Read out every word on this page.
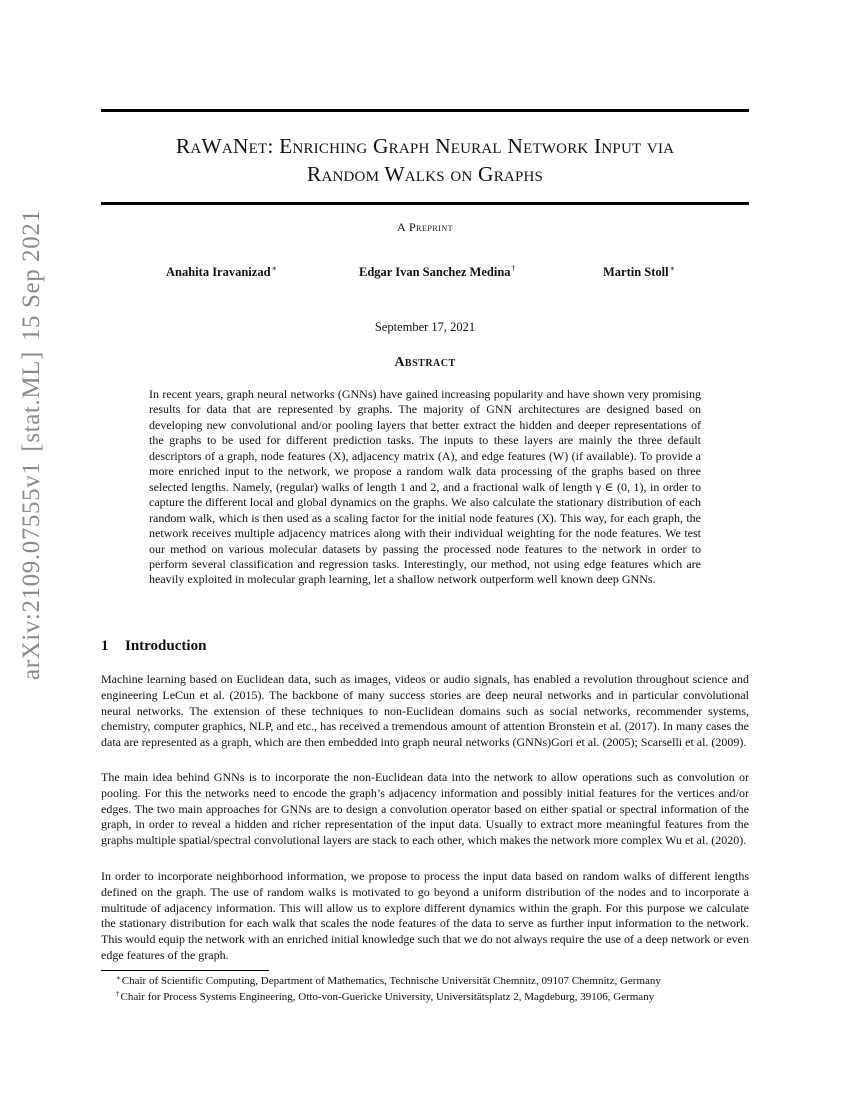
arXiv:2109.07555v1[stat.ML]15 Sep 2021
RaWaNet: Enriching Graph Neural Network Input via
Random Walks on Graphs
A Preprint
Anahita Iravanizad∗	Edgar Ivan Sanchez Medina†	Martin Stoll∗
September 17, 2021
Abstract

In recent years, graph neural networks (GNNs) have gained increasing popularity and have shown very promising results for data that are represented by graphs. The majority of GNN architectures are designed based on developing new convolutional and/or pooling layers that better extract the hidden and deeper representations of the graphs to be used for different prediction tasks. The inputs to these layers are mainly the three default descriptors of a graph, node features (X), adjacency matrix (A), and edge features (W) (if available). To provide a more enriched input to the network, we propose a random walk data processing of the graphs based on three selected lengths. Namely, (regular) walks of length 1 and 2, and a fractional walk of length γ ∈ (0, 1), in order to capture the different local and global dynamics on the graphs. We also calculate the stationary distribution of each random walk, which is then used as a scaling factor for the initial node features (X). This way, for each graph, the network receives multiple adjacency matrices along with their individual weighting for the node features. We test our method on various molecular datasets by passing the processed node features to the network in order to perform several classification and regression tasks. Interestingly, our method, not using edge features which are heavily exploited in molecular graph learning, let a shallow network outperform well known deep GNNs.

1 Introduction

Machine learning based on Euclidean data, such as images, videos or audio signals, has enabled a revolution throughout science and engineering LeCun et al. (2015). The backbone of many success stories are deep neural networks and in particular convolutional neural networks. The extension of these techniques to non-Euclidean domains such as social networks, recommender systems, chemistry, computer graphics, NLP, and etc., has received a tremendous amount of attention Bronstein et al. (2017). In many cases the data are represented as a graph, which are then embedded into graph neural networks (GNNs)Gori et al. (2005); Scarselli et al. (2009).

The main idea behind GNNs is to incorporate the non-Euclidean data into the network to allow operations such as convolution or pooling. For this the networks need to encode the graph’s adjacency information and possibly initial features for the vertices and/or edges. The two main approaches for GNNs are to design a convolution operator based on either spatial or spectral information of the graph, in order to reveal a hidden and richer representation of the input data. Usually to extract more meaningful features from the graphs multiple spatial/spectral convolutional layers are stack to each other, which makes the network more complex Wu et al. (2020).

In order to incorporate neighborhood information, we propose to process the input data based on random walks of different lengths defined on the graph. The use of random walks is motivated to go beyond a uniform distribution of the nodes and to incorporate a multitude of adjacency information. This will allow us to explore different dynamics within the graph. For this purpose we calculate the stationary distribution for each walk that scales the node features of the data to serve as further input information to the network. This would equip the network with an enriched initial knowledge such that we do not always require the use of a deep network or even edge features of the graph.

∗Chair of Scientific Computing, Department of Mathematics, Technische Universität Chemnitz, 09107 Chemnitz, Germany
†Chair for Process Systems Engineering, Otto-von-Guericke University, Universitätsplatz 2, Magdeburg, 39106, Germany
